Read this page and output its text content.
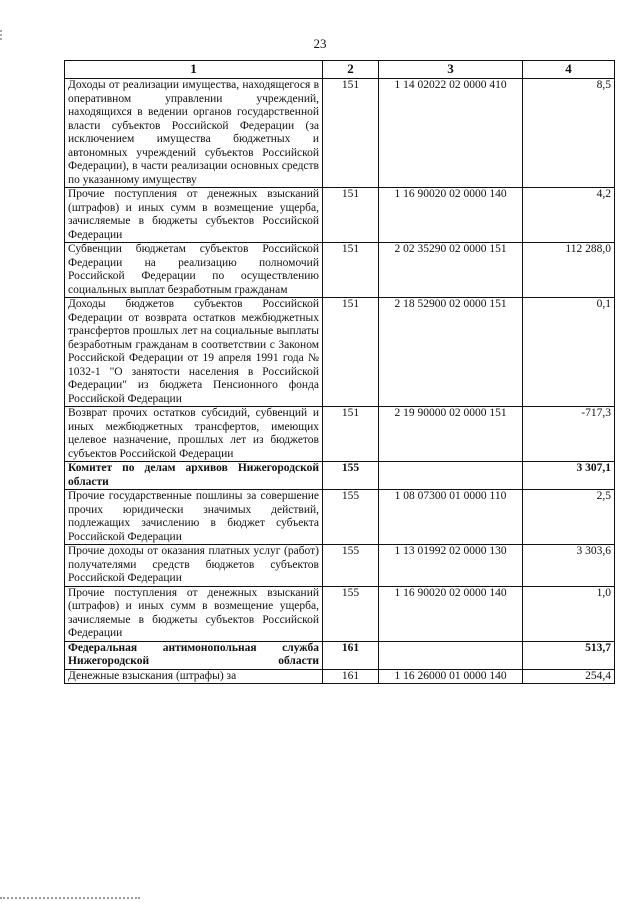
23
1	2	3	4
Доходы от реализации имущества, находящегося в оперативном управлении учреждений, находящихся в ведении органов государственной власти субъектов Российской Федерации (за исключением имущества бюджетных и автономных учреждений субъектов Российской Федерации), в части реализации основных средств по указанному имуществу	151	1 14 02022 02 0000 410	8,5
Прочие поступления от денежных взысканий (штрафов) и иных сумм в возмещение ущерба, зачисляемые в бюджеты субъектов Российской Федерации	151	1 16 90020 02 0000 140	4,2
Субвенции бюджетам субъектов Российской Федерации на реализацию полномочий Российской Федерации по осуществлению социальных выплат безработным гражданам	151	2 02 35290 02 0000 151	112 288,0
Доходы бюджетов субъектов Российской Федерации от возврата остатков межбюджетных трансфертов прошлых лет на социальные выплаты безработным гражданам в соответствии с Законом Российской Федерации от 19 апреля 1991 года № 1032-1 "О занятости населения в Российской Федерации" из бюджета Пенсионного фонда Российской Федерации	151	2 18 52900 02 0000 151	0,1
Возврат прочих остатков субсидий, субвенций и иных межбюджетных трансфертов, имеющих целевое назначение, прошлых лет из бюджетов субъектов Российской Федерации	151	2 19 90000 02 0000 151	-717,3
Комитет по делам архивов Нижегородской области	155		3 307,1
Прочие государственные пошлины за совершение прочих юридически значимых действий, подлежащих зачислению в бюджет субъекта Российской Федерации	155	1 08 07300 01 0000 110	2,5
Прочие доходы от оказания платных услуг (работ) получателями средств бюджетов субъектов Российской Федерации	155	1 13 01992 02 0000 130	3 303,6
Прочие поступления от денежных взысканий (штрафов) и иных сумм в возмещение ущерба, зачисляемые в бюджеты субъектов Российской Федерации	155	1 16 90020 02 0000 140	1,0
Федеральная антимонопольная служба Нижегородской области	161		513,7
Денежные взыскания (штрафы) за	161	1 16 26000 01 0000 140	254,4
